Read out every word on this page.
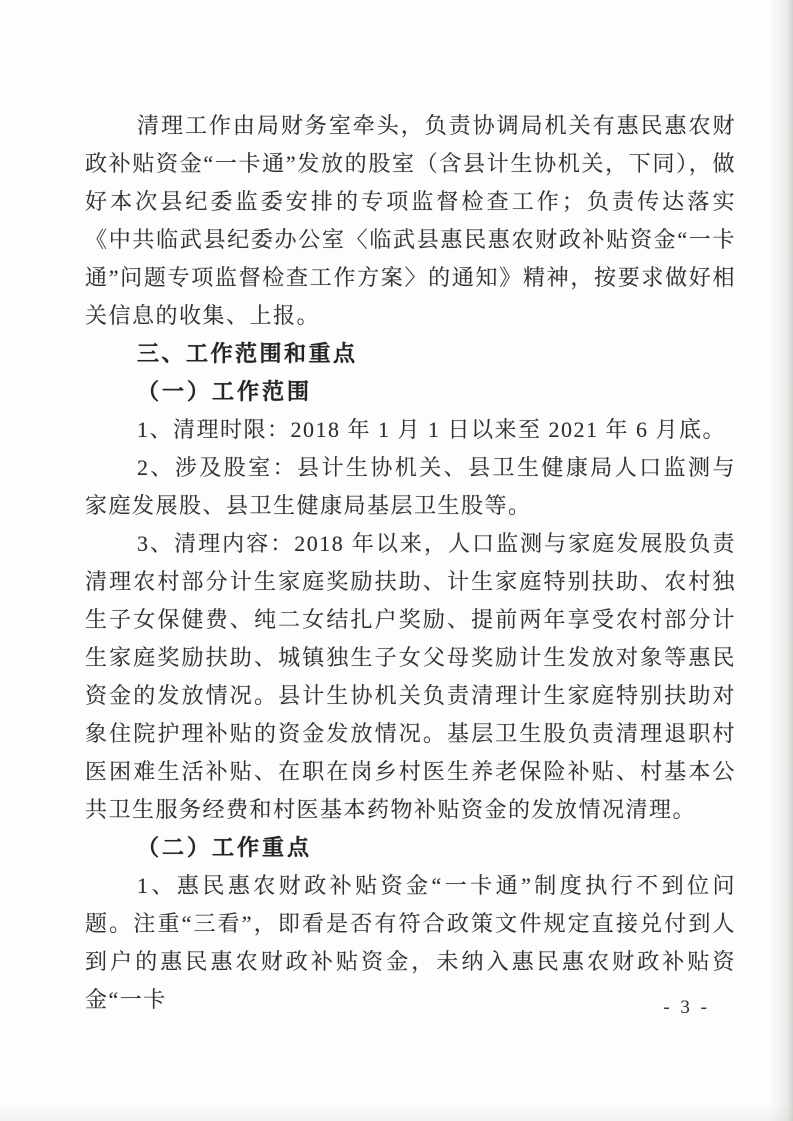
清理工作由局财务室牵头，负责协调局机关有惠民惠农财政补贴资金“一卡通”发放的股室（含县计生协机关，下同），做好本次县纪委监委安排的专项监督检查工作；负责传达落实《中共临武县纪委办公室〈临武县惠民惠农财政补贴资金“一卡通”问题专项监督检查工作方案〉的通知》精神，按要求做好相关信息的收集、上报。

三、工作范围和重点

（一）工作范围

1、清理时限：2018 年 1 月 1 日以来至 2021 年 6 月底。

2、涉及股室：县计生协机关、县卫生健康局人口监测与家庭发展股、县卫生健康局基层卫生股等。

3、清理内容：2018 年以来，人口监测与家庭发展股负责清理农村部分计生家庭奖励扶助、计生家庭特别扶助、农村独生子女保健费、纯二女结扎户奖励、提前两年享受农村部分计生家庭奖励扶助、城镇独生子女父母奖励计生发放对象等惠民资金的发放情况。县计生协机关负责清理计生家庭特别扶助对象住院护理补贴的资金发放情况。基层卫生股负责清理退职村医困难生活补贴、在职在岗乡村医生养老保险补贴、村基本公共卫生服务经费和村医基本药物补贴资金的发放情况清理。

（二）工作重点

1、惠民惠农财政补贴资金“一卡通”制度执行不到位问题。注重“三看”，即看是否有符合政策文件规定直接兑付到人到户的惠民惠农财政补贴资金，未纳入惠民惠农财政补贴资金“一卡	- 3 -
